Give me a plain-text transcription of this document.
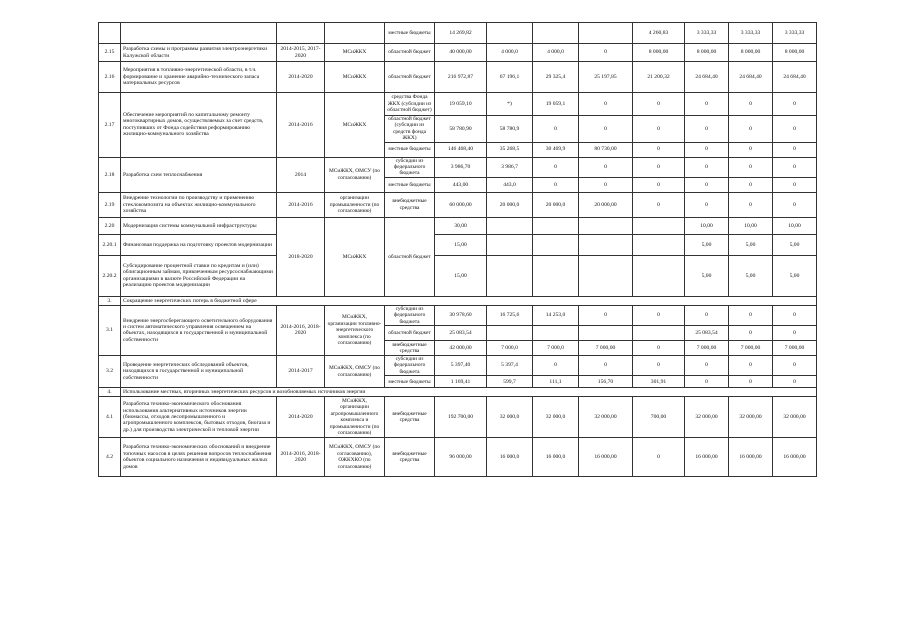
				местные бюджеты	14 269,82				4 260,83	3 333,33	3 333,33	3 333,33
2.15	Разработка схемы и программы развития электроэнергетики Калужской области	2014-2015, 2017-2020	МСиЖКХ	областной бюджет	40 000,00	4 000,0	4 000,0	0	8 000,00	8 000,00	8 000,00	8 000,00
2.16	Мероприятия в топливно-энергетической области, в т.ч. формирование и хранение аварийно-технического запаса материальных ресурсов	2014-2020	МСиЖКХ	областной бюджет	216 972,87	67 196,1	29 325,4	25 197,85	21 200,32	24 684,40	24 684,40	24 684,40
2.17	Обеспечение мероприятий по капитальному ремонту многоквартирных домов, осуществляемых за счет средств, поступивших от Фонда содействия реформированию жилищно-коммунального хозяйства	2014-2016	МСиЖКХ	средства Фонда ЖКХ (субсидии из областной бюджет)	19 059,10	*)	19 059,1	0	0	0	0	0
				областной бюджет (субсидии из средств фонда ЖКХ)	58 780,90	58 780,9	0	0	0	0	0	0
				местные бюджеты	146 468,40	35 268,5	30 469,9	80 730,00	0	0	0	0
2.18	Разработка схем теплоснабжения	2014	МСиЖКХ, ОМСУ (по согласованию)	субсидии из федерального бюджета	3 986,70	3 986,7	0	0	0	0	0	0
				местные бюджеты	443,00	443,0	0	0	0	0	0	0
2.19	Внедрение технологии по производству и применению стеклокомпозита на объектах жилищно-коммунального хозяйства	2014-2016	организации промышленности (по согласованию)	внебюджетные средства	60 000,00	20 000,0	20 000,0	20 000,00	0	0	0	0
2.20	Модернизация системы коммунальной инфраструктуры	2018-2020	МСиЖКХ	областной бюджет	30,00					10,00	10,00	10,00
2.20.1	Финансовая поддержка на подготовку проектов модернизации				15,00					5,00	5,00	5,00
2.20.2	Субсидирование процентной ставки по кредитам и (или) облигационным займам, привлеченным ресурсоснабжающими организациями в валюте Российской Федерации на реализацию проектов модернизации				15,00					5,00	5,00	5,00
3.	Сокращение энергетических потерь в бюджетной сфере											
3.1	Внедрение энергосберегающего осветительного оборудования и систем автоматического управления освещением на объектах, находящихся в государственной и муниципальной собственности	2014-2016, 2018-2020	МСиЖКХ, организации топливно-энергетического комплекса (по согласованию)	субсидии из федерального бюджета	30 978,60	16 725,6	14 253,0	0	0	0	0	0
				областной бюджет	25 083,54					25 083,54	0	0
				внебюджетные средства	42 000,00	7 000,0	7 000,0	7 000,00	0	7 000,00	7 000,00	7 000,00
3.2	Проведение энергетических обследований объектов, находящихся в государственной и муниципальной собственности	2014-2017	МСиЖКХ, ОМСУ (по согласованию)	субсидии из федерального бюджета	5 397,40	5 397,4	0	0	0	0	0	0
				местные бюджеты	1 169,41	599,7	111,1	156,70	301,91	0	0	0
4.	Использование местных, вторичных энергетических ресурсов и возобновляемых источников энергии											
4.1	Разработка технико-экономического обоснования использования альтернативных источников энергии (биомассы, отходов лесопромышленного и агропромышленного комплексов, бытовых отходов, биогаза и др.) для производства электрической и тепловой энергии	2014-2020	МСиЖКХ, организации агропромышленного комплекса и промышленности (по согласованию)	внебюджетные средства	192 700,00	32 000,0	32 000,0	32 000,00	700,00	32 000,00	32 000,00	32 000,00
4.2	Разработка технико-экономических обоснований и внедрение топочных насосов в целях решения вопросов теплоснабжения объектов социального назначения и индивидуальных жилых домов	2014-2016, 2018-2020	МСиЖКХ, ОМСУ (по согласованию), ОЖКХКО (по согласованию)	внебюджетные средства	96 000,00	16 000,0	16 000,0	16 000,00	0	16 000,00	16 000,00	16 000,00
